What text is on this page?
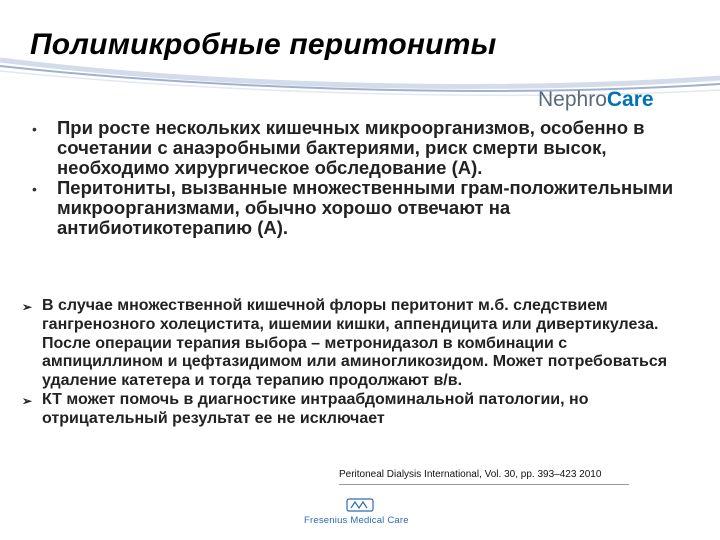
Полимикробные перитониты
NephroCare
• При росте нескольких кишечных микроорганизмов, особенно в сочетании с анаэробными бактериями, риск смерти высок, необходимо хирургическое обследование (А).
• Перитониты, вызванные множественными грам-положительными микроорганизмами, обычно хорошо отвечают на антибиотикотерапию (А).
➢ В случае множественной кишечной флоры перитонит м.б. следствием гангренозного холецистита, ишемии кишки, аппендицита или дивертикулеза. После операции терапия выбора – метронидазол в комбинации с ампициллином и цефтазидимом или аминогликозидом. Может потребоваться удаление катетера и тогда терапию продолжают в/в.
➢ КТ может помочь в диагностике интраабдоминальной патологии, но отрицательный результат ее не исключает
Peritoneal Dialysis International, Vol. 30, pp. 393–423 2010
Fresenius Medical Care
